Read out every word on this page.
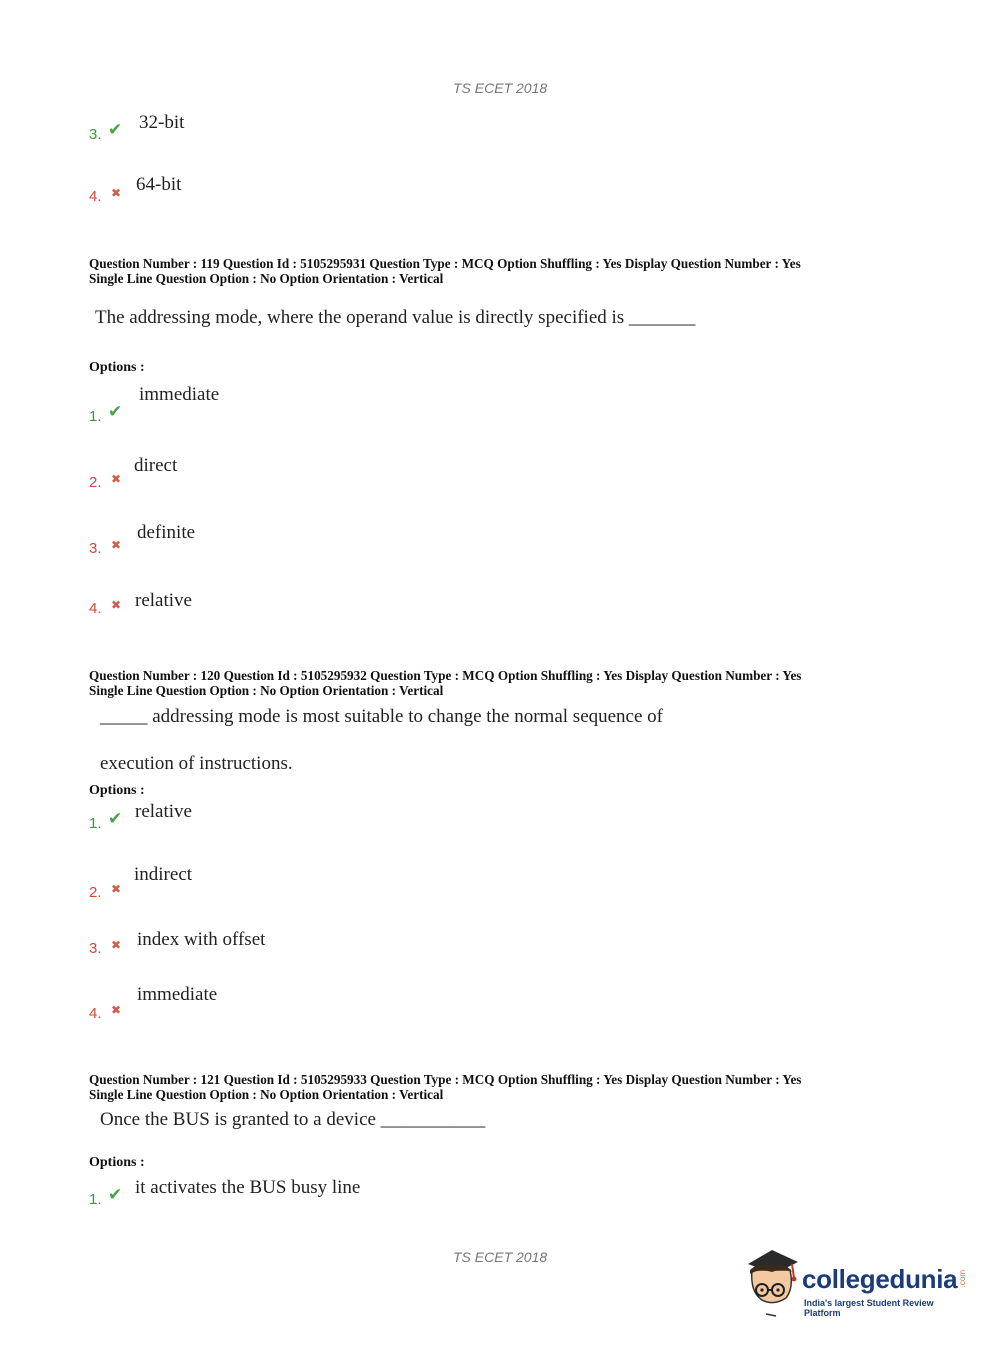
TS ECET 2018
3. ✔ 32-bit
4. ✖ 64-bit
Question Number : 119 Question Id : 5105295931 Question Type : MCQ Option Shuffling : Yes Display Question Number : Yes
Single Line Question Option : No Option Orientation : Vertical
The addressing mode, where the operand value is directly specified is _______
Options :
1. ✔
immediate
2. ✖
direct
3. ✖
definite
4. ✖ relative
Question Number : 120 Question Id : 5105295932 Question Type : MCQ Option Shuffling : Yes Display Question Number : Yes
Single Line Question Option : No Option Orientation : Vertical
_____ addressing mode is most suitable to change the normal sequence of
execution of instructions.
Options :
1. ✔ relative
2. ✖
indirect
3. ✖ index with offset
4. ✖
immediate
Question Number : 121 Question Id : 5105295933 Question Type : MCQ Option Shuffling : Yes Display Question Number : Yes
Single Line Question Option : No Option Orientation : Vertical
Once the BUS is granted to a device ___________
Options :
1. ✔ it activates the BUS busy line
TS ECET 2018
collegedunia .com
India's largest Student Review Platform
